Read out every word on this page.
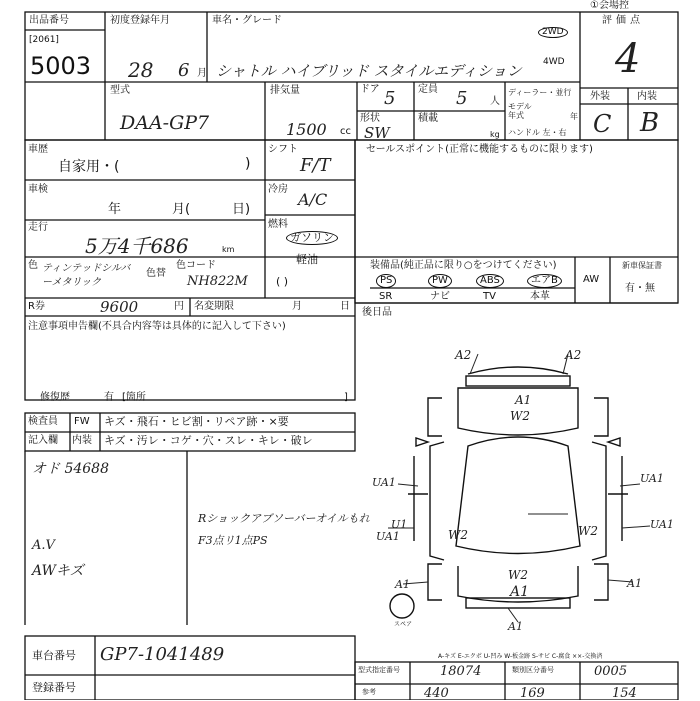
出品番号
[2061]
5003
初度登録年月
28 6 月
車名・グレード
シャトル ハイブリッド スタイルエディション
2WD
4WD
①会場控
評価点
4
外装	内装
C B
型式
DAA-GP7
排気量
1500 cc
ドア 5 定員 5 人
形状
SW
積載
kg
ディーラー・並行
モデル年式	年
ハンドル 左・右
車歴
自家用・(	)
車検
年	月(	日)
走行
5万4千686	km
色 ティンテッドシルバーメタリック
色替
色コード
NH822M
シフト
F/T
冷房
A/C
燃料
ガソリン
軽油
( )
R券	9600	円 名変期限	月	日
注意事項申告欄(不具合内容等は具体的に記入して下さい)
修復歴	有 [箇所	]
セールスポイント(正常に機能するものに限ります)
装備品(純正品に限り○をつけてください)
PS	PW	ABS	エアB	AW
SR	ナビ	TV	本革
新車保証書
有・無
後日品
検査員
記入欄
FW キズ・飛石・ヒビ割・リペア跡・×要
内装 キズ・汚レ・コゲ・穴・スレ・キレ・破レ
オド 54688
Rショックアブソーバーオイルもれ
F3点リ1点PS
A.V
AWキズ
A2	A2
A1
W2
UA1	UA1
UA1
UA1
U1
W2	W2
W2
A1
A1	A1
A1
スペア
A-キズ E-エクボ U-凹み W-板金跡 S-サビ C-腐食 ××-交換済
車台番号 GP7-1041489
登録番号
型式指定番号	18074	類別区分番号	0005
参考	440	169	154
